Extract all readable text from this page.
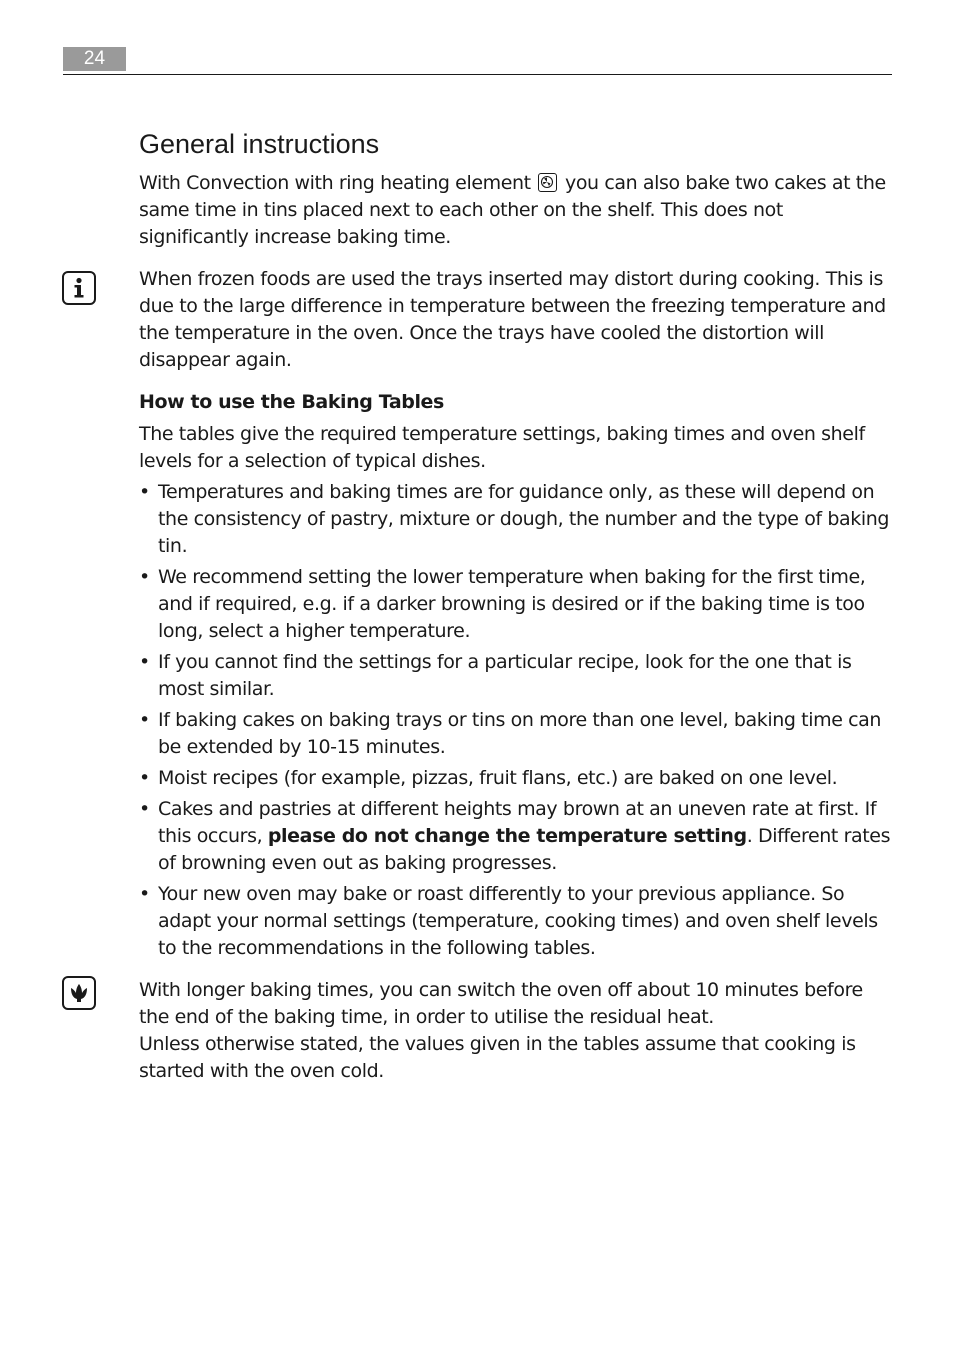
24
General instructions

With Convection with ring heating element you can also bake two cakes at the same time in tins placed next to each other on the shelf. This does not significantly increase baking time.

When frozen foods are used the trays inserted may distort during cooking. This is due to the large difference in temperature between the freezing temperature and the temperature in the oven. Once the trays have cooled the distortion will disappear again.

How to use the Baking Tables

The tables give the required temperature settings, baking times and oven shelf levels for a selection of typical dishes.

• Temperatures and baking times are for guidance only, as these will depend on the consistency of pastry, mixture or dough, the number and the type of baking tin.
• We recommend setting the lower temperature when baking for the first time, and if required, e.g. if a darker browning is desired or if the baking time is too long, select a higher temperature.
• If you cannot find the settings for a particular recipe, look for the one that is most similar.
• If baking cakes on baking trays or tins on more than one level, baking time can be extended by 10-15 minutes.
• Moist recipes (for example, pizzas, fruit flans, etc.) are baked on one level.
• Cakes and pastries at different heights may brown at an uneven rate at first. If this occurs, please do not change the temperature setting. Different rates of browning even out as baking progresses.
• Your new oven may bake or roast differently to your previous appliance. So adapt your normal settings (temperature, cooking times) and oven shelf levels to the recommendations in the following tables.

With longer baking times, you can switch the oven off about 10 minutes before the end of the baking time, in order to utilise the residual heat.

Unless otherwise stated, the values given in the tables assume that cooking is started with the oven cold.
